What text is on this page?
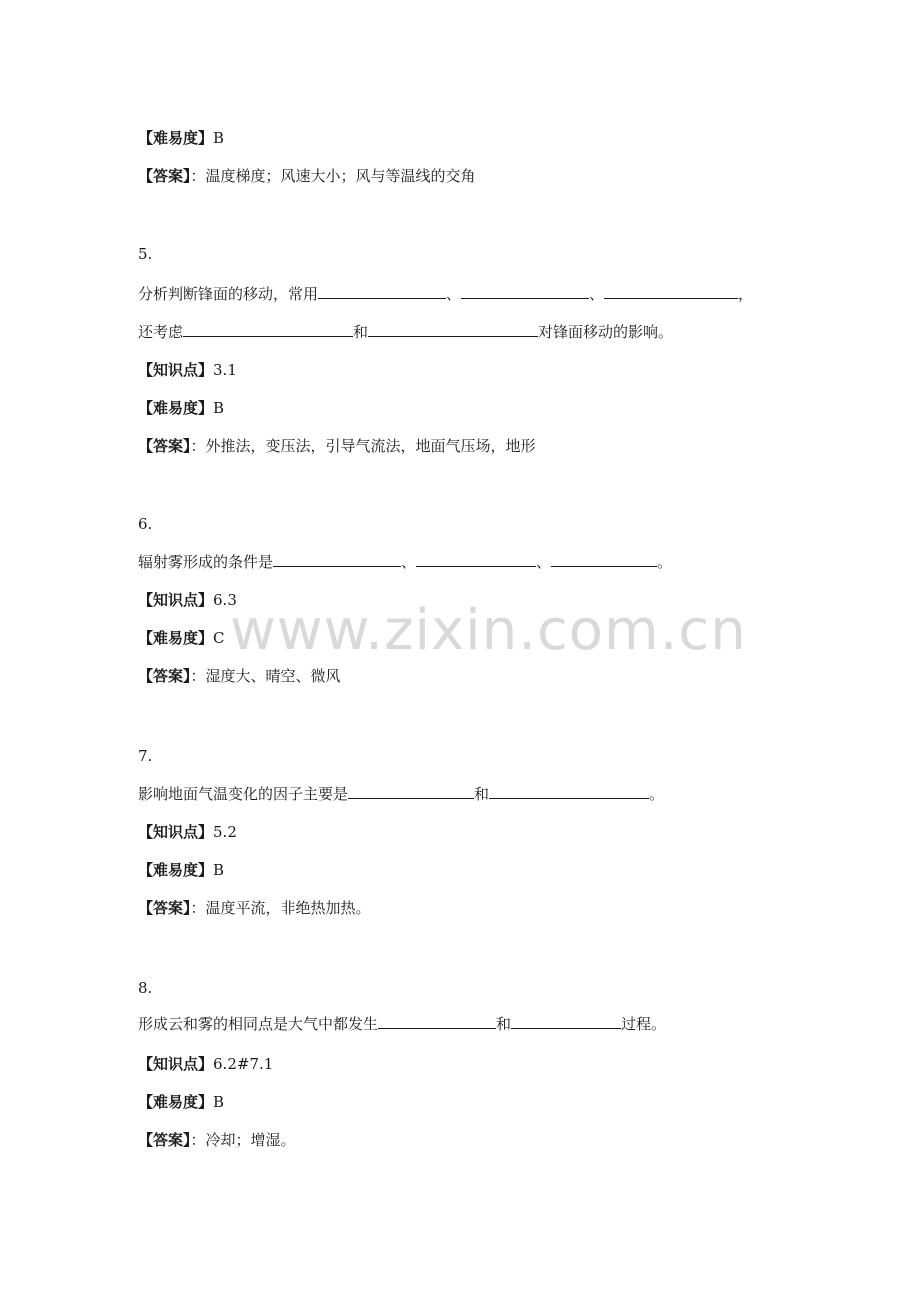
【难易度】B
【答案】：温度梯度；风速大小；风与等温线的交角
5.
分析判断锋面的移动，常用	、	、	，
还考虑	和	对锋面移动的影响。
【知识点】3.1
【难易度】B
【答案】：外推法，变压法，引导气流法，地面气压场，地形
6.
辐射雾形成的条件是	、	、	。
【知识点】6.3
【难易度】C
【答案】：湿度大、晴空、微风
7.
影响地面气温变化的因子主要是	和	。
【知识点】5.2
【难易度】B
【答案】：温度平流，非绝热加热。
8.
形成云和雾的相同点是大气中都发生	和	过程。
【知识点】6.2#7.1
【难易度】B
【答案】：冷却；增湿。
www.zixin.com.cn
